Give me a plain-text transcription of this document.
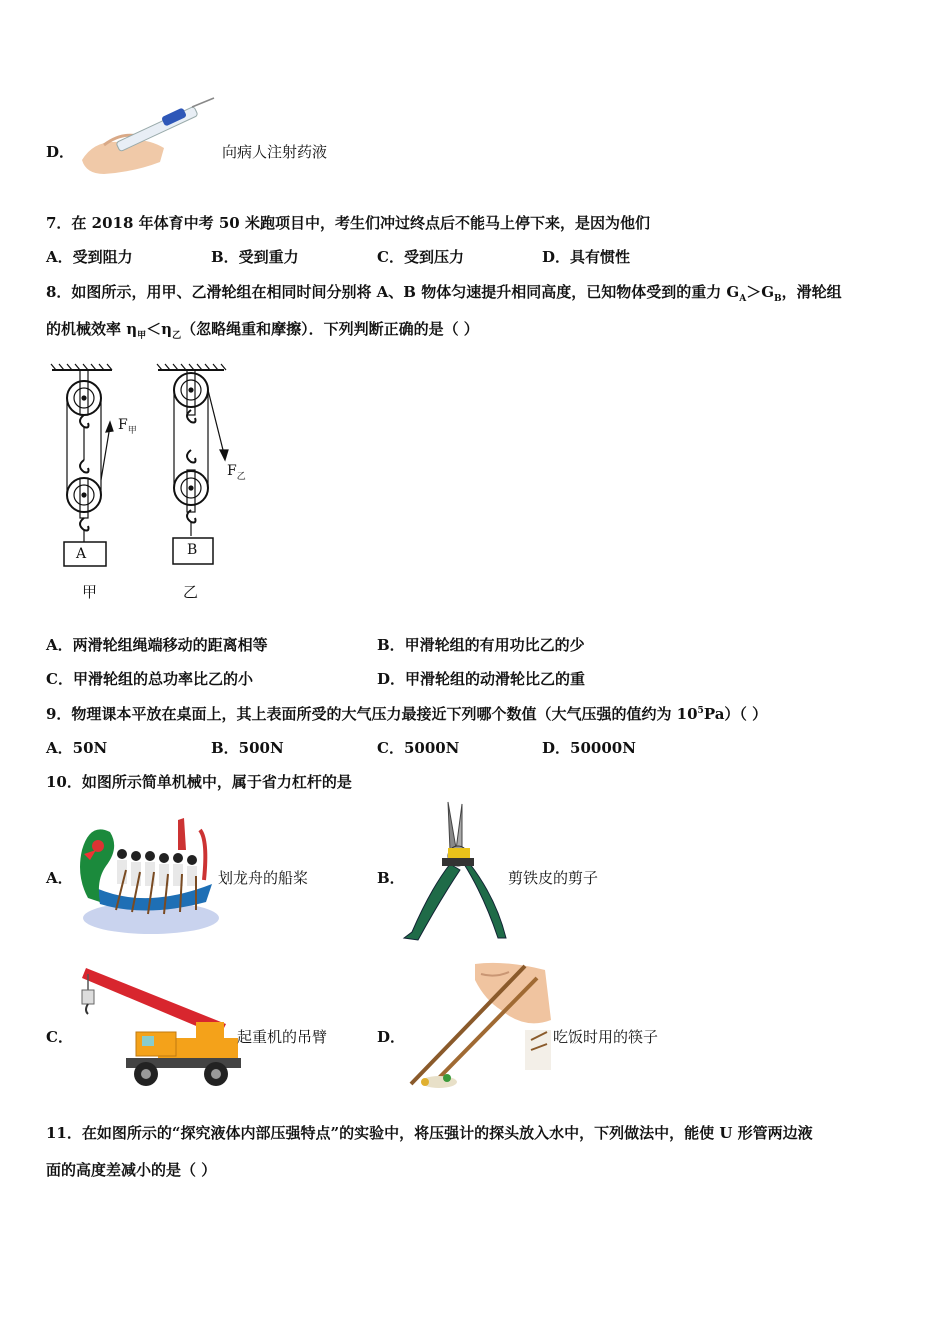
D．	向病人注射药液
7．在 2018 年体育中考 50 米跑项目中，考生们冲过终点后不能马上停下来，是因为他们
A．受到阻力	B．受到重力	C．受到压力	D．具有惯性
8．如图所示，用甲、乙滑轮组在相同时间分别将 A、B 物体匀速提升相同高度，已知物体受到的重力 $G_A>G_B$，滑轮组
的机械效率 $\eta_甲<\eta_乙$（忽略绳重和摩擦）．下列判断正确的是（ ）
$F_甲$
$F_乙$
A	B
甲	乙
A．两滑轮组绳端移动的距离相等	B．甲滑轮组的有用功比乙的少
C．甲滑轮组的总功率比乙的小	D．甲滑轮组的动滑轮比乙的重
9．物理课本平放在桌面上，其上表面所受的大气压力最接近下列哪个数值（大气压强的值约为 $10^5Pa$）（ ）
A．50N	B．500N	C．5000N	D．50000N
10．如图所示简单机械中，属于省力杠杆的是
A．	划龙舟的船桨	B．	剪铁皮的剪子
C．	起重机的吊臂	D．	吃饭时用的筷子
11．在如图所示的“探究液体内部压强特点”的实验中，将压强计的探头放入水中，下列做法中，能使 U 形管两边液
面的高度差减小的是（ ）
